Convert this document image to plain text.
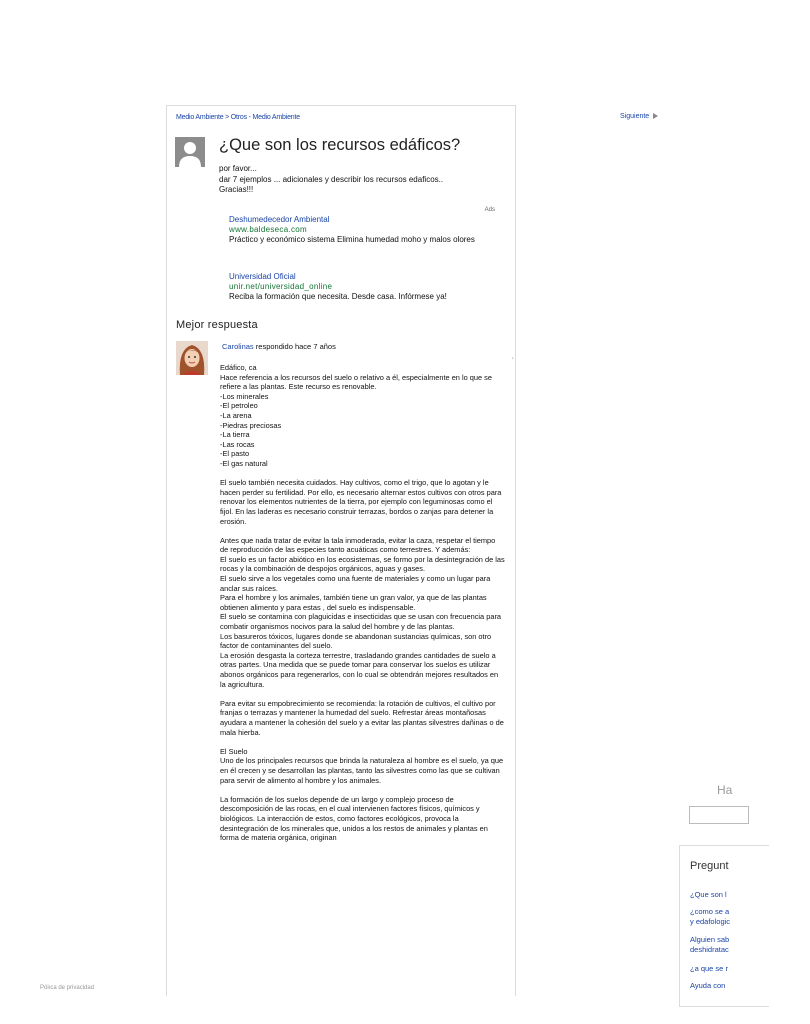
Medio Ambiente > Otros - Medio Ambiente
¿Que son los recursos edáficos?
por favor...
dar 7 ejemplos ... adicionales y describir los recursos edaficos..
Gracias!!!
Ads
Deshumedecedor Ambiental
www.baldeseca.com
Práctico y económico sistema Elimina humedad moho y malos olores
Universidad Oficial
unir.net/universidad_online
Reciba la formación que necesita. Desde casa. Infórmese ya!
Mejor respuesta
Carolinas respondido hace 7 años
Edáfico, ca
Hace referencia a los recursos del suelo o relativo a él, especialmente en lo que se refiere a las plantas. Este recurso es renovable.
-Los minerales
-El petroleo
-La arena
-Piedras preciosas
-La tierra
-Las rocas
-El pasto
-El gas natural

El suelo también necesita cuidados. Hay cultivos, como el trigo, que lo agotan y le hacen perder su fertilidad. Por ello, es necesario alternar estos cultivos con otros para renovar los elementos nutrientes de la tierra, por ejemplo con leguminosas como el fijol. En las laderas es necesario construir terrazas, bordos o zanjas para detener la erosión.

Antes que nada tratar de evitar la tala inmoderada, evitar la caza, respetar el tiempo de reproducción de las especies tanto acuáticas como terrestres. Y además:
El suelo es un factor abiótico en los ecosistemas, se formo por la desintegración de las rocas y la combinación de despojos orgánicos, aguas y gases.
El suelo sirve a los vegetales como una fuente de materiales y como un lugar para anclar sus raíces.
Para el hombre y los animales, también tiene un gran valor, ya que de las plantas obtienen alimento y para estas , del suelo es indispensable.
El suelo se contamina con plaguicidas e insecticidas que se usan con frecuencia para combatir organismos nocivos para la salud del hombre y de las plantas.
Los basureros tóxicos, lugares donde se abandonan sustancias químicas, son otro factor de contaminantes del suelo.
La erosión desgasta la corteza terrestre, trasladando grandes cantidades de suelo a otras partes. Una medida que se puede tomar para conservar los suelos es utilizar abonos orgánicos para regenerarlos, con lo cual se obtendrán mejores resultados en la agricultura.

Para evitar su empobrecimiento se recomienda: la rotación de cultivos, el cultivo por franjas o terrazas y mantener la humedad del suelo. Refrestar áreas montañosas ayudara a mantener la cohesión del suelo y a evitar las plantas silvestres dañinas o de mala hierba.

El Suelo
Uno de los principales recursos que brinda la naturaleza al hombre es el suelo, ya que en él crecen y se desarrollan las plantas, tanto las silvestres como las que se cultivan para servir de alimento al hombre y los animales.

La formación de los suelos depende de un largo y complejo proceso de descomposición de las rocas, en el cual intervienen factores físicos, químicos y biológicos. La interacción de estos, como factores ecológicos, provoca la desintegración de los minerales que, unidos a los restos de animales y plantas en forma de materia orgánica, originan
Siguiente
ʼ
Ha
Pregunt
¿Que son l
¿como se a
y edafologic
Alguien sab
deshidratac
¿a que se r
Ayuda con
Pólıca de privacidad
